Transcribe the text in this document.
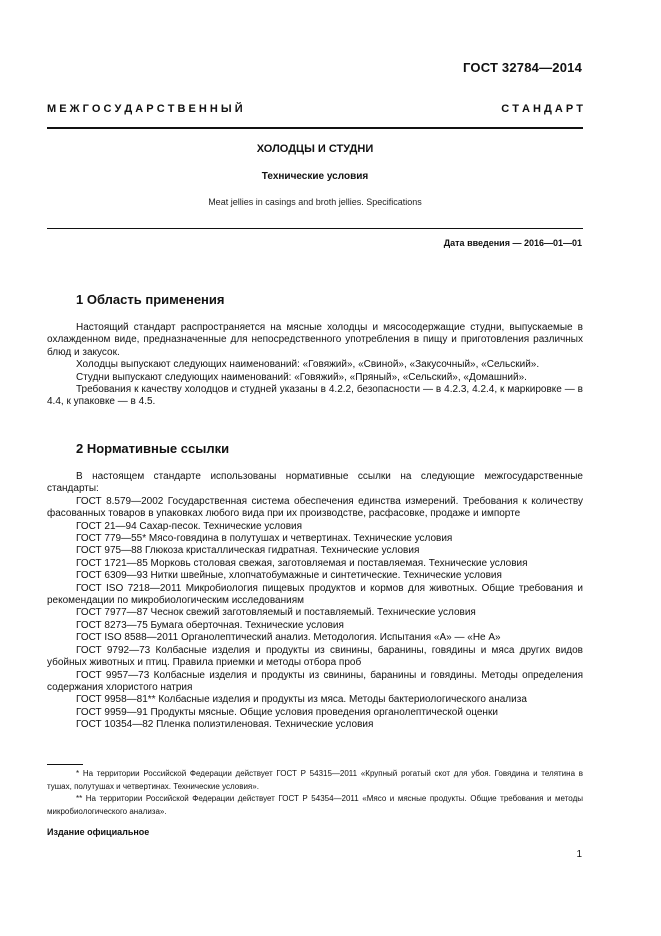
ГОСТ 32784—2014
М Е Ж Г О С У Д А Р С Т В Е Н Н Ы Й	С Т А Н Д А Р Т
ХОЛОДЦЫ И СТУДНИ
Технические условия
Meat jellies in casings and broth jellies. Specifications
Дата введения — 2016—01—01
1 Область применения

Настоящий стандарт распространяется на мясные холодцы и мясосодержащие студни, выпускаемые в охлажденном виде, предназначенные для непосредственного употребления в пищу и приготовления различных блюд и закусок.

Холодцы выпускают следующих наименований: «Говяжий», «Свиной», «Закусочный», «Сельский».

Студни выпускают следующих наименований: «Говяжий», «Пряный», «Сельский», «Домашний».

Требования к качеству холодцов и студней указаны в 4.2.2, безопасности — в 4.2.3, 4.2.4, к маркировке — в 4.4, к упаковке — в 4.5.

2 Нормативные ссылки

В настоящем стандарте использованы нормативные ссылки на следующие межгосударственные стандарты:

ГОСТ 8.579—2002 Государственная система обеспечения единства измерений. Требования к количеству фасованных товаров в упаковках любого вида при их производстве, расфасовке, продаже и импорте

ГОСТ 21—94 Сахар-песок. Технические условия

ГОСТ 779—55* Мясо-говядина в полутушах и четвертинах. Технические условия

ГОСТ 975—88 Глюкоза кристаллическая гидратная. Технические условия

ГОСТ 1721—85 Морковь столовая свежая, заготовляемая и поставляемая. Технические условия

ГОСТ 6309—93 Нитки швейные, хлопчатобумажные и синтетические. Технические условия

ГОСТ ISO 7218—2011 Микробиология пищевых продуктов и кормов для животных. Общие требования и рекомендации по микробиологическим исследованиям

ГОСТ 7977—87 Чеснок свежий заготовляемый и поставляемый. Технические условия

ГОСТ 8273—75 Бумага оберточная. Технические условия

ГОСТ ISO 8588—2011 Органолептический анализ. Методология. Испытания «А» — «Не А»

ГОСТ 9792—73 Колбасные изделия и продукты из свинины, баранины, говядины и мяса других видов убойных животных и птиц. Правила приемки и методы отбора проб

ГОСТ 9957—73 Колбасные изделия и продукты из свинины, баранины и говядины. Методы определения содержания хлористого натрия

ГОСТ 9958—81** Колбасные изделия и продукты из мяса. Методы бактериологического анализа

ГОСТ 9959—91 Продукты мясные. Общие условия проведения органолептической оценки

ГОСТ 10354—82 Пленка полиэтиленовая. Технические условия

* На территории Российской Федерации действует ГОСТ Р 54315—2011 «Крупный рогатый скот для убоя. Говядина и телятина в тушах, полутушах и четвертинах. Технические условия».

** На территории Российской Федерации действует ГОСТ Р 54354—2011 «Мясо и мясные продукты. Общие требования и методы микробиологического анализа».

Издание официальное
1
